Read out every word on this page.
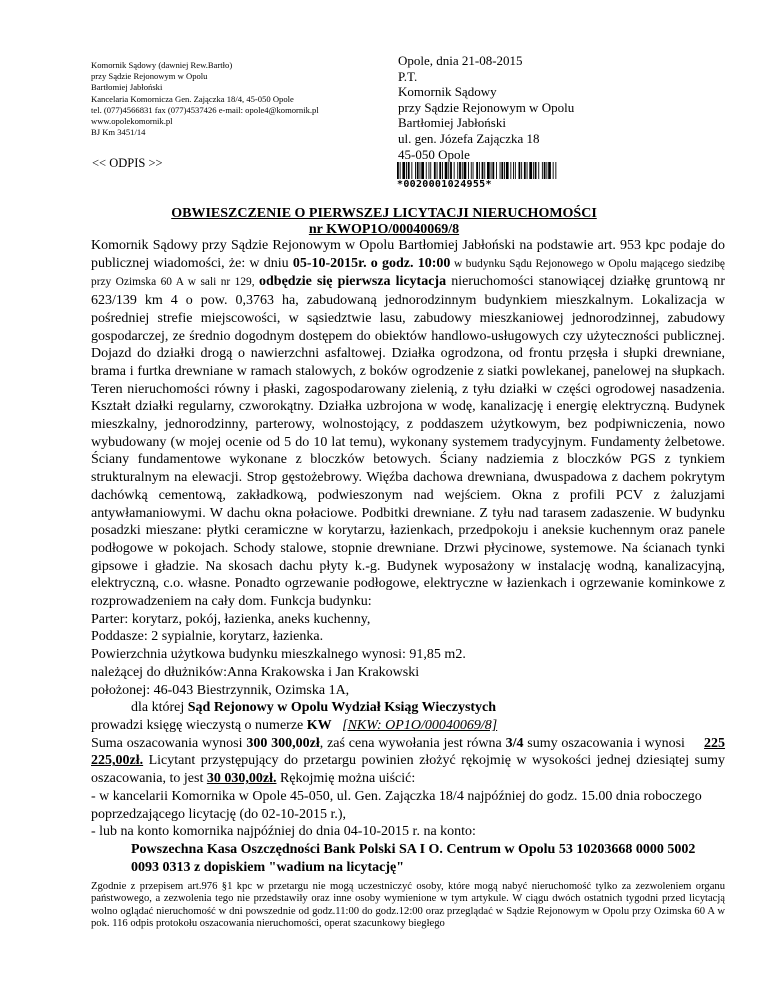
Komornik Sądowy (dawniej Rew.Bartło)
przy Sądzie Rejonowym w Opolu
Bartłomiej Jabłoński
Kancelaria Komornicza Gen. Zajączka 18/4, 45-050 Opole
tel. (077)4566831 fax (077)4537426 e-mail: opole4@komornik.pl
www.opolekomornik.pl
BJ Km 3451/14
<< ODPIS >>
Opole, dnia 21-08-2015
P.T.
Komornik Sądowy
przy Sądzie Rejonowym w Opolu
Bartłomiej Jabłoński
ul. gen. Józefa Zajączka 18
45-050 Opole
*0020001024955*
OBWIESZCZENIE O PIERWSZEJ LICYTACJI NIERUCHOMOŚCI
nr KWOP1O/00040069/8

Komornik Sądowy przy Sądzie Rejonowym w Opolu Bartłomiej Jabłoński na podstawie art. 953 kpc podaje do publicznej wiadomości, że: w dniu 05-10-2015r. o godz. 10:00 w budynku Sądu Rejonowego w Opolu mającego siedzibę przy Ozimska 60 A w sali nr 129, odbędzie się pierwsza licytacja nieruchomości stanowiącej działkę gruntową nr 623/139 km 4 o pow. 0,3763 ha, zabudowaną jednorodzinnym budynkiem mieszkalnym. Lokalizacja w pośredniej strefie miejscowości, w sąsiedztwie lasu, zabudowy mieszkaniowej jednorodzinnej, zabudowy gospodarczej, ze średnio dogodnym dostępem do obiektów handlowo-usługowych czy użyteczności publicznej. Dojazd do działki drogą o nawierzchni asfaltowej. Działka ogrodzona, od frontu przęsła i słupki drewniane, brama i furtka drewniane w ramach stalowych, z boków ogrodzenie z siatki powlekanej, panelowej na słupkach. Teren nieruchomości równy i płaski, zagospodarowany zielenią, z tyłu działki w części ogrodowej nasadzenia. Kształt działki regularny, czworokątny. Działka uzbrojona w wodę, kanalizację i energię elektryczną. Budynek mieszkalny, jednorodzinny, parterowy, wolnostojący, z poddaszem użytkowym, bez podpiwniczenia, nowo wybudowany (w mojej ocenie od 5 do 10 lat temu), wykonany systemem tradycyjnym. Fundamenty żelbetowe. Ściany fundamentowe wykonane z bloczków betowych. Ściany nadziemia z bloczków PGS z tynkiem strukturalnym na elewacji. Strop gęstożebrowy. Więźba dachowa drewniana, dwuspadowa z dachem pokrytym dachówką cementową, zakładkową, podwieszonym nad wejściem. Okna z profili PCV z żaluzjami antywłamaniowymi. W dachu okna połaciowe. Podbitki drewniane. Z tyłu nad tarasem zadaszenie. W budynku posadzki mieszane: płytki ceramiczne w korytarzu, łazienkach, przedpokoju i aneksie kuchennym oraz panele podłogowe w pokojach. Schody stalowe, stopnie drewniane. Drzwi płycinowe, systemowe. Na ścianach tynki gipsowe i gładzie. Na skosach dachu płyty k.-g. Budynek wyposażony w instalację wodną, kanalizacyjną, elektryczną, c.o. własne. Ponadto ogrzewanie podłogowe, elektryczne w łazienkach i ogrzewanie kominkowe z rozprowadzeniem na cały dom. Funkcja budynku:

Parter: korytarz, pokój, łazienka, aneks kuchenny,

Poddasze: 2 sypialnie, korytarz, łazienka.

Powierzchnia użytkowa budynku mieszkalnego wynosi: 91,85 m2.

należącej do dłużników:Anna Krakowska i Jan Krakowski

położonej: 46-043 Biestrzynnik, Ozimska 1A,

dla której Sąd Rejonowy w Opolu Wydział Ksiąg Wieczystych

prowadzi księgę wieczystą o numerze KW [NKW: OP1O/00040069/8]

Suma oszacowania wynosi 300 300,00zł, zaś cena wywołania jest równa 3/4 sumy oszacowania i wynosi     225 225,00zł. Licytant przystępujący do przetargu powinien złożyć rękojmię w wysokości jednej dziesiątej sumy oszacowania, to jest 30 030,00zł. Rękojmię można uiścić:

- w kancelarii Komornika w Opole 45-050, ul. Gen. Zajączka 18/4 najpóźniej do godz. 15.00 dnia roboczego poprzedzającego licytację (do 02-10-2015 r.),

- lub na konto komornika najpóźniej do dnia 04-10-2015 r. na konto:

Powszechna Kasa Oszczędności Bank Polski SA I O. Centrum w Opolu 53 10203668 0000 5002 0093 0313 z dopiskiem "wadium na licytację"

Zgodnie z przepisem art.976 §1 kpc w przetargu nie mogą uczestniczyć osoby, które mogą nabyć nieruchomość tylko za zezwoleniem organu państwowego, a zezwolenia tego nie przedstawiły oraz inne osoby wymienione w tym artykule. W ciągu dwóch ostatnich tygodni przed licytacją wolno oglądać nieruchomość w dni powszednie od godz.11:00 do godz.12:00 oraz przeglądać w Sądzie Rejonowym w Opolu przy Ozimska 60 A w pok. 116 odpis protokołu oszacowania nieruchomości, operat szacunkowy biegłego
